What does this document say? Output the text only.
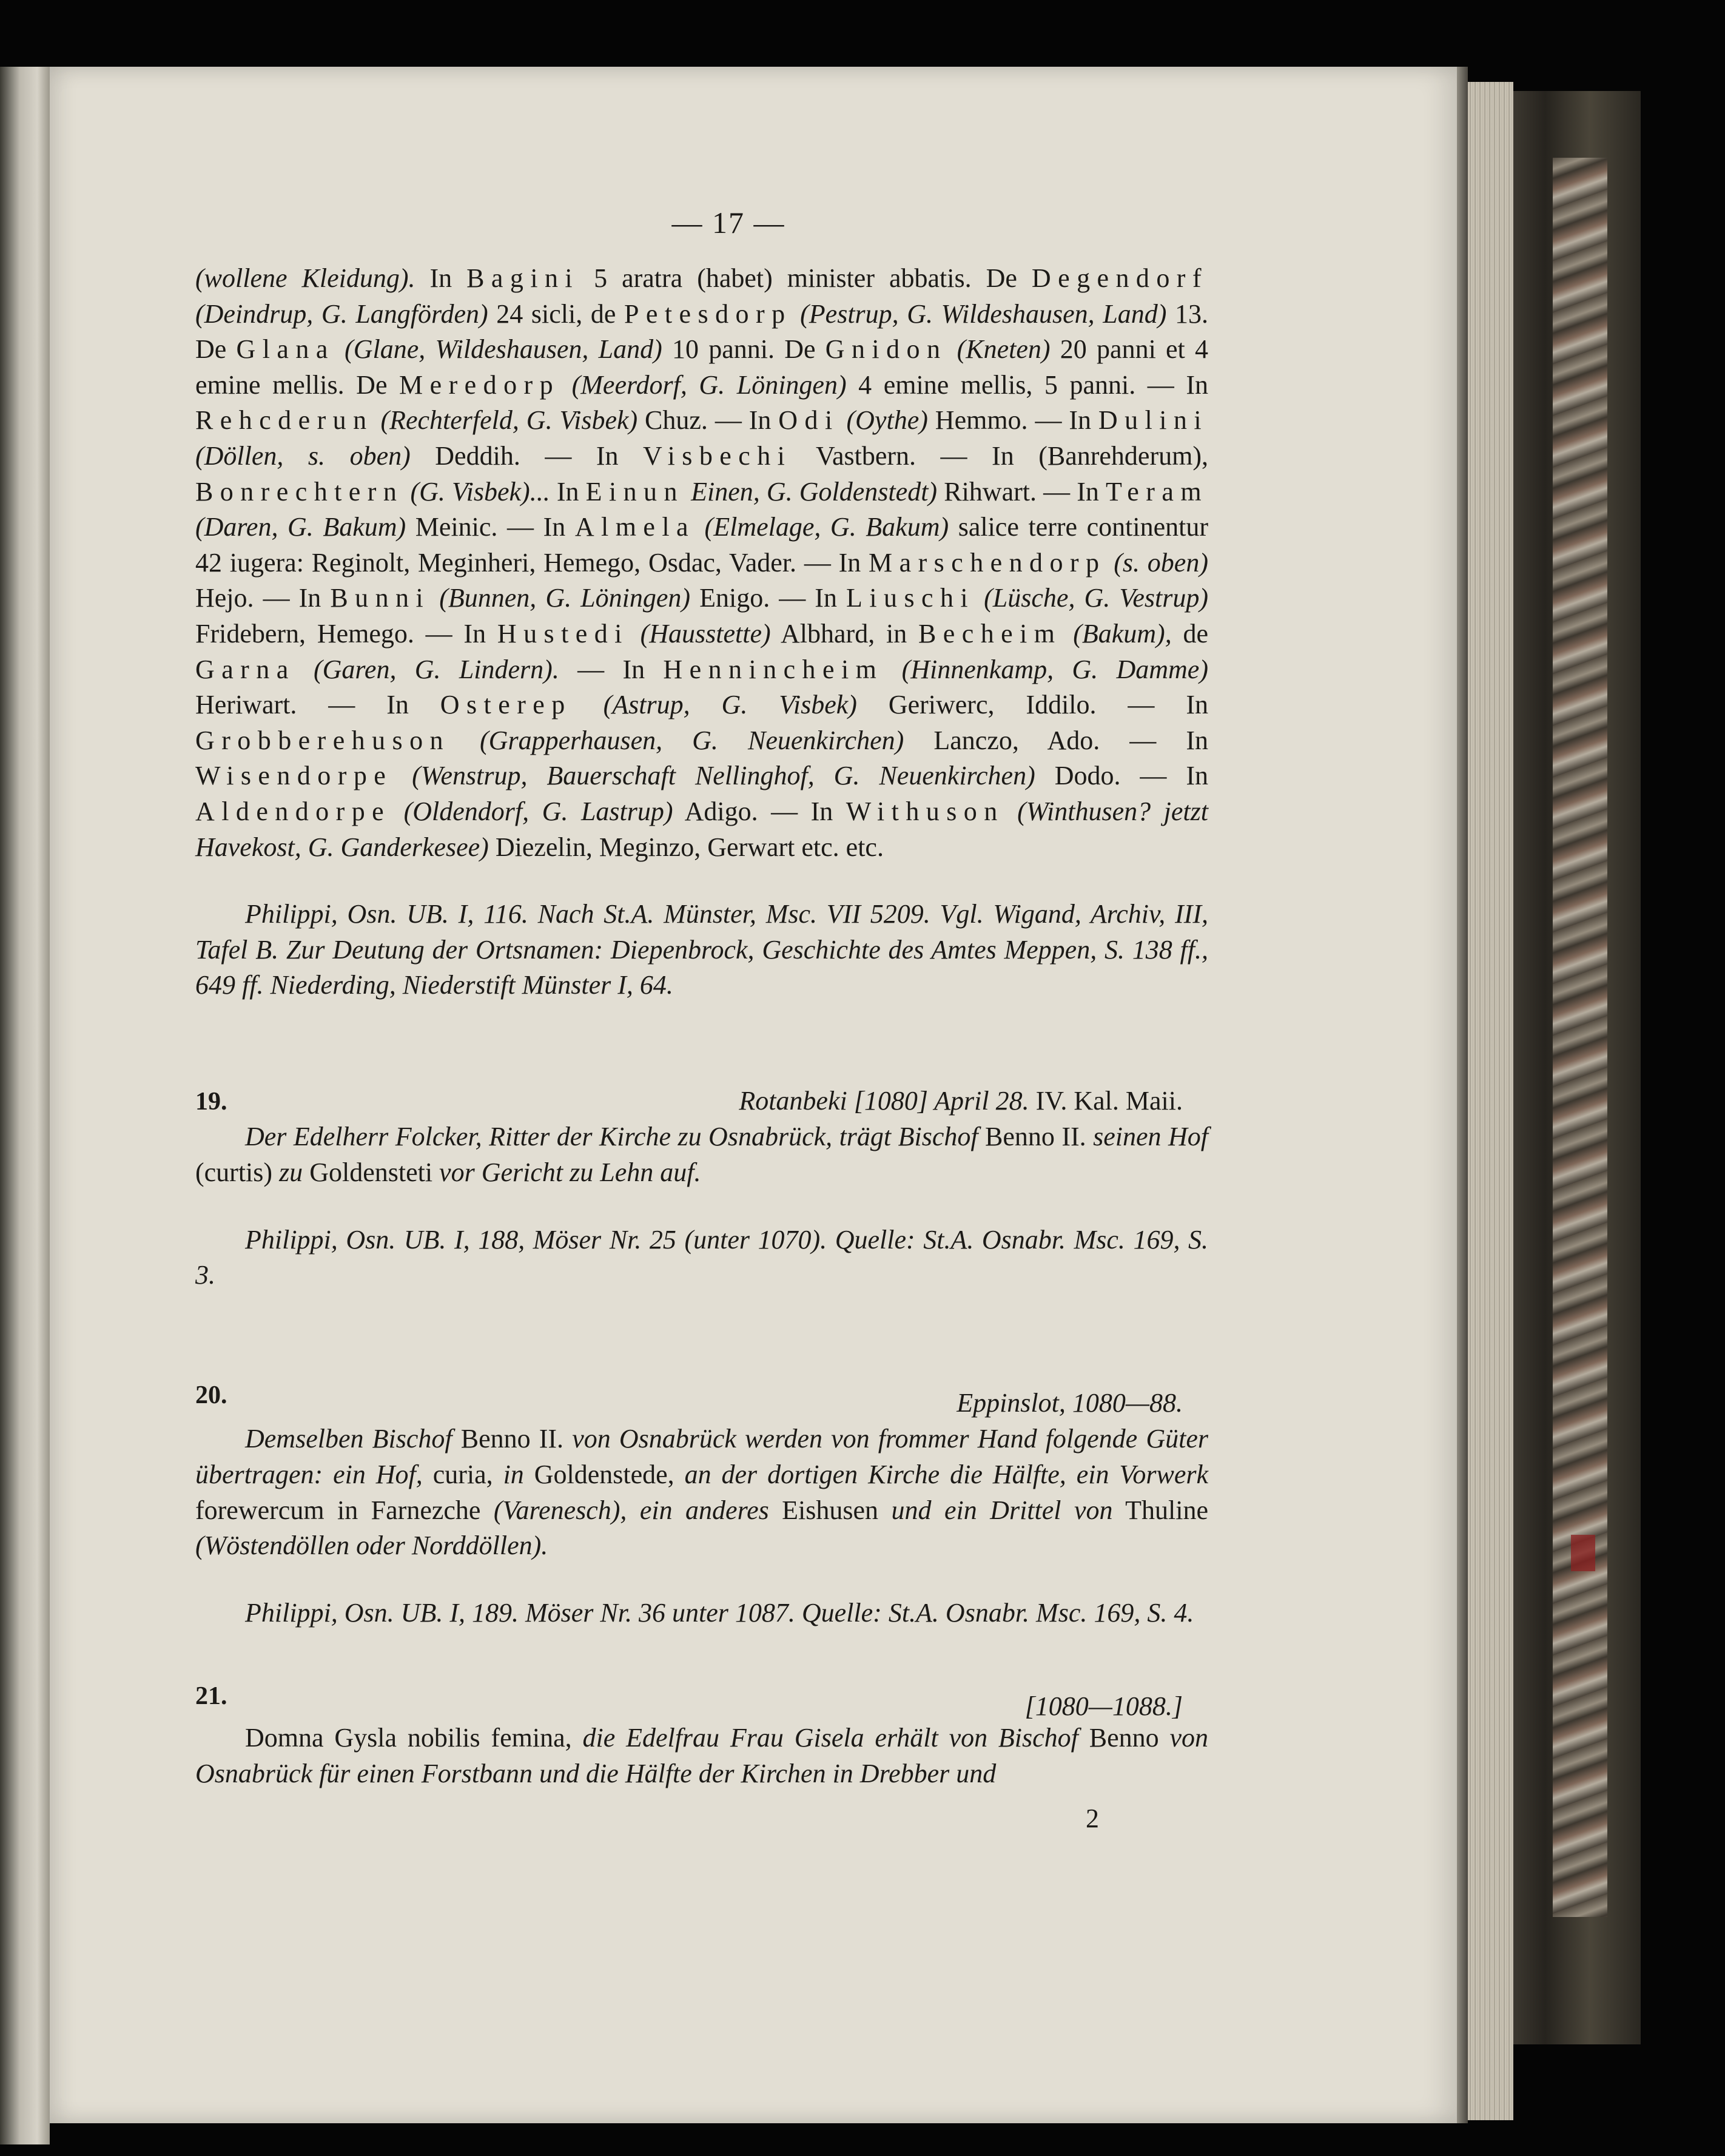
— 17 —

(wollene Kleidung). In Bagini 5 aratra (habet) minister abbatis. De Degendorf (Deindrup, G. Langförden) 24 sicli, de Petesdorp (Pestrup, G. Wildeshausen, Land) 13. De Glana (Glane, Wildeshausen, Land) 10 panni. De Gnidon (Kneten) 20 panni et 4 emine mellis. De Meredorp (Meerdorf, G. Löningen) 4 emine mellis, 5 panni. — In Rehcderun (Rechterfeld, G. Visbek) Chuz. — In Odi (Oythe) Hemmo. — In Dulini (Döllen, s. oben) Deddih. — In Visbechi Vastbern. — In (Banrehderum), Bonrechtern (G. Visbek)... In Einun Einen, G. Goldenstedt) Rihwart. — In Teram (Daren, G. Bakum) Meinic. — In Almela (Elmelage, G. Bakum) salice terre continentur 42 iugera: Reginolt, Meginheri, Hemego, Osdac, Vader. — In Marschendorp (s. oben) Hejo. — In Bunni (Bunnen, G. Löningen) Enigo. — In Liuschi (Lüsche, G. Vestrup) Fridebern, Hemego. — In Hustedi (Hausstette) Albhard, in Becheim (Bakum), de Garna (Garen, G. Lindern). — In Henninchеim (Hinnenkamp, G. Damme) Heriwart. — In Osterep (Astrup, G. Visbek) Geriwerc, Iddilo. — In Grobberehuson (Grapperhausen, G. Neuenkirchen) Lanczo, Ado. — In Wisendorpe (Wenstrup, Bauerschaft Nellinghof, G. Neuenkirchen) Dodo. — In Aldendorpe (Oldendorf, G. Lastrup) Adigo. — In Withuson (Winthusen? jetzt Havekost, G. Ganderkesee) Diezelin, Meginzo, Gerwart etc. etc.

Philippi, Osn. UB. I, 116. Nach St.A. Münster, Msc. VII 5209. Vgl. Wigand, Archiv, III, Tafel B. Zur Deutung der Ortsnamen: Diepenbrock, Geschichte des Amtes Meppen, S. 138 ff., 649 ff. Niederding, Niederstift Münster I, 64.

19.	Rotanbeki [1080] April 28. IV. Kal. Maii.

Der Edelherr Folcker, Ritter der Kirche zu Osnabrück, trägt Bischof Benno II. seinen Hof (curtis) zu Goldensteti vor Gericht zu Lehn auf.

Philippi, Osn. UB. I, 188, Möser Nr. 25 (unter 1070). Quelle: St.A. Osnabr. Msc. 169, S. 3.

20.	Eppinslot, 1080—88.

Demselben Bischof Benno II. von Osnabrück werden von frommer Hand folgende Güter übertragen: ein Hof, curia, in Goldenstede, an der dortigen Kirche die Hälfte, ein Vorwerk forewercum in Farnezche (Varenesch), ein anderes Eishusen und ein Drittel von Thuline (Wöstendöllen oder Norddöllen).

Philippi, Osn. UB. I, 189. Möser Nr. 36 unter 1087. Quelle: St.A. Osnabr. Msc. 169, S. 4.

21.	[1080—1088.]

Domna Gysla nobilis femina, die Edelfrau Frau Gisela erhält von Bischof Benno von Osnabrück für einen Forstbann und die Hälfte der Kirchen in Drebber und

2
